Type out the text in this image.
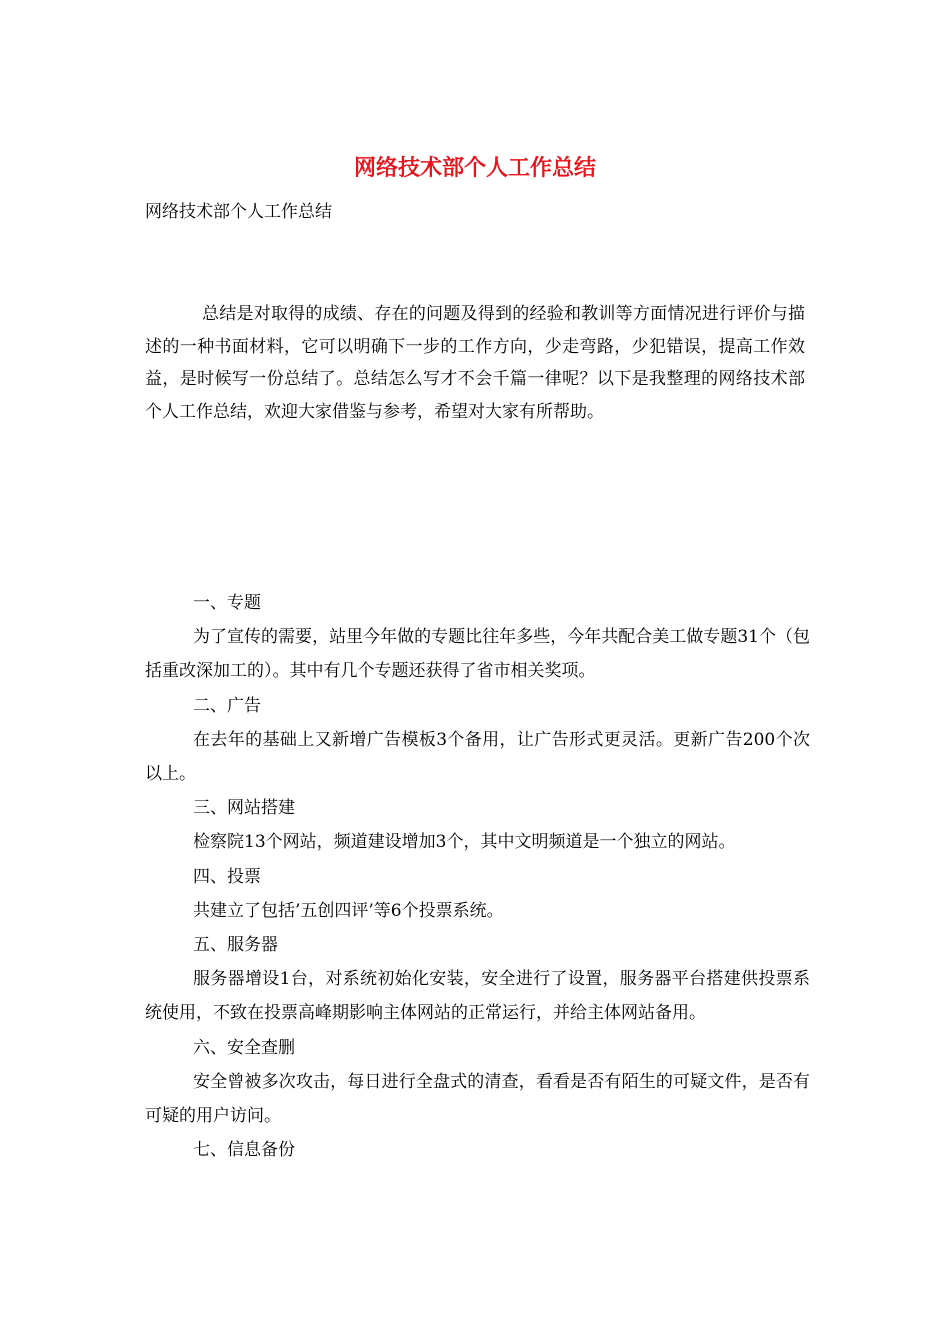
网络技术部个人工作总结
网络技术部个人工作总结
总结是对取得的成绩、存在的问题及得到的经验和教训等方面情况进行评价与描述的一种书面材料，它可以明确下一步的工作方向，少走弯路，少犯错误，提高工作效益，是时候写一份总结了。总结怎么写才不会千篇一律呢？以下是我整理的网络技术部个人工作总结，欢迎大家借鉴与参考，希望对大家有所帮助。

一、专题

为了宣传的需要，站里今年做的专题比往年多些，今年共配合美工做专题31个（包括重改深加工的）。其中有几个专题还获得了省市相关奖项。

二、广告

在去年的基础上又新增广告模板3个备用，让广告形式更灵活。更新广告200个次以上。

三、网站搭建

检察院13个网站，频道建设增加3个，其中文明频道是一个独立的网站。

四、投票

共建立了包括’五创四评’等6个投票系统。

五、服务器

服务器增设1台，对系统初始化安装，安全进行了设置，服务器平台搭建供投票系统使用，不致在投票高峰期影响主体网站的正常运行，并给主体网站备用。

六、安全查删

安全曾被多次攻击，每日进行全盘式的清查，看看是否有陌生的可疑文件，是否有可疑的用户访问。

七、信息备份
